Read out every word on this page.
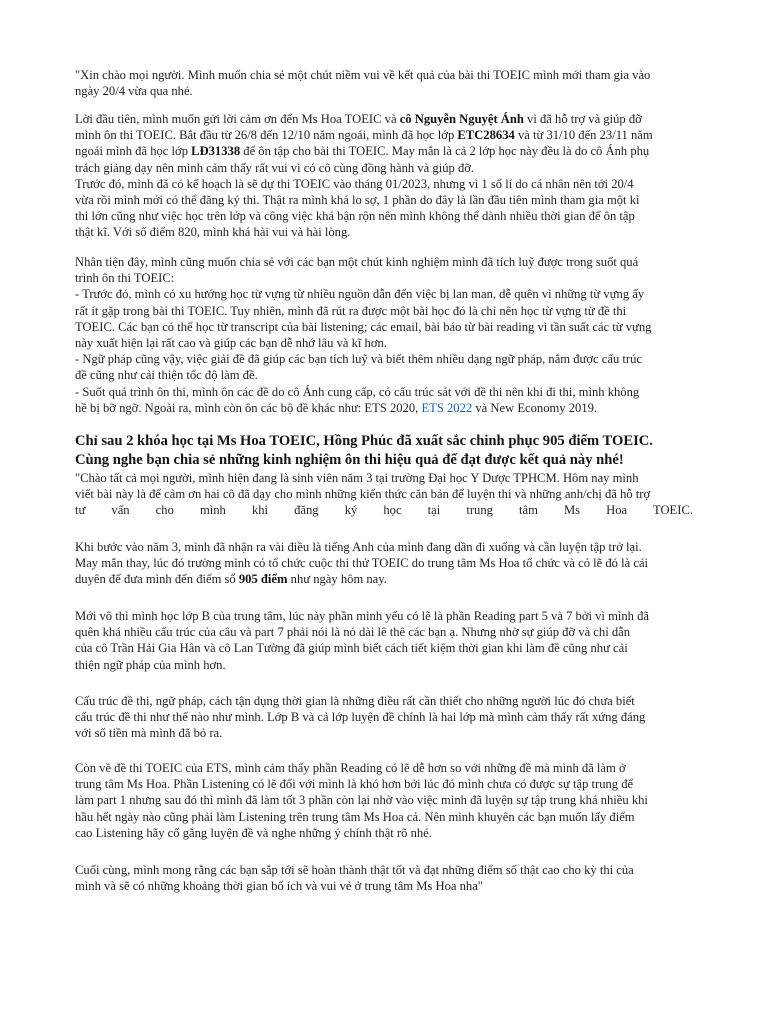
"Xin chào mọi người. Mình muốn chia sẻ một chút niềm vui về kết quả của bài thi TOEIC mình mới tham gia vào

ngày 20/4 vừa qua nhé.

Lời đầu tiên, mình muốn gửi lời cảm ơn đến Ms Hoa TOEIC và cô Nguyễn Nguyệt Ánh vì đã hỗ trợ và giúp đỡ

mình ôn thi TOEIC. Bắt đầu từ 26/8 đến 12/10 năm ngoái, mình đã học lớp ETC28634 và từ 31/10 đến 23/11 năm

ngoái mình đã học lớp LĐ31338 để ôn tập cho bài thi TOEIC. May mắn là cả 2 lớp học này đều là do cô Ánh phụ

trách giảng dạy nên mình cảm thấy rất vui vì có cô cùng đồng hành và giúp đỡ.

Trước đó, mình đã có kế hoạch là sẽ dự thi TOEIC vào tháng 01/2023, nhưng vì 1 số lí do cá nhân nên tới 20/4

vừa rồi mình mới có thể đăng ký thi. Thật ra mình khá lo sợ, 1 phần do đây là lần đầu tiên mình tham gia một kì

thi lớn cũng như việc học trên lớp và công việc khá bận rộn nên mình không thể dành nhiều thời gian để ôn tập

thật kĩ. Với số điểm 820, mình khá hài vui và hài lòng.

Nhân tiện đây, mình cũng muốn chia sẻ với các bạn một chút kinh nghiệm mình đã tích luỹ được trong suốt quá

trình ôn thi TOEIC:

- Trước đó, mình có xu hướng học từ vựng từ nhiều nguồn dẫn đến việc bị lan man, dễ quên vì những từ vựng ấy

rất ít gặp trong bài thi TOEIC. Tuy nhiên, mình đã rút ra được một bài học đó là chỉ nên học từ vựng từ đề thi

TOEIC. Các bạn có thể học từ transcript của bài listening; các email, bài báo từ bài reading vì tần suất các từ vựng

này xuất hiện lại rất cao và giúp các bạn dễ nhớ lâu và kĩ hơn.

- Ngữ pháp cũng vậy, việc giải đề đã giúp các bạn tích luỹ và biết thêm nhiều dạng ngữ pháp, nắm được cấu trúc

đề cũng như cải thiện tốc độ làm đề.

- Suốt quá trình ôn thi, mình ôn các đề do cô Ánh cung cấp, có cấu trúc sát với đề thi nên khi đi thi, mình không

hề bị bỡ ngỡ. Ngoài ra, mình còn ôn các bộ đề khác như: ETS 2020, ETS 2022 và New Economy 2019.

Chỉ sau 2 khóa học tại Ms Hoa TOEIC, Hồng Phúc đã xuất sắc chinh phục 905 điểm TOEIC.

Cùng nghe bạn chia sẻ những kinh nghiệm ôn thi hiệu quả để đạt được kết quả này nhé!

"Chào tất cả mọi người, mình hiện đang là sinh viên năm 3 tại trường Đại học Y Dược TPHCM. Hôm nay mình

viết bài này là để cảm ơn hai cô đã dạy cho mình những kiến thức căn bản để luyện thi và những anh/chị đã hỗ trợ

tư vấn cho mình khi đăng ký học tại trung tâm Ms Hoa TOEIC.

Khi bước vào năm 3, mình đã nhận ra vài điều là tiếng Anh của mình đang dần đi xuống và cần luyện tập trở lại.

May mắn thay, lúc đó trường mình có tổ chức cuộc thi thử TOEIC do trung tâm Ms Hoa tổ chức và có lẽ đó là cái

duyên để đưa mình đến điểm số 905 điểm như ngày hôm nay.

Mới vô thì mình học lớp B của trung tâm, lúc này phần mình yếu có lẽ là phần Reading part 5 và 7 bởi vì mình đã

quên khá nhiều cấu trúc của câu và part 7 phải nói là nó dài lê thê các bạn ạ. Nhưng nhờ sự giúp đỡ và chỉ dẫn

của cô Trần Hải Gia Hân và cô Lan Tường đã giúp mình biết cách tiết kiệm thời gian khi làm đề cũng như cải

thiện ngữ pháp của mình hơn.

Cấu trúc đề thi, ngữ pháp, cách tận dụng thời gian là những điều rất cần thiết cho những người lúc đó chưa biết

cấu trúc đề thi như thế nào như mình. Lớp B và cả lớp luyện đề chính là hai lớp mà mình cảm thấy rất xứng đáng

với số tiền mà mình đã bỏ ra.

Còn về đề thi TOEIC của ETS, mình cảm thấy phần Reading có lẽ dễ hơn so với những đề mà mình đã làm ở

trung tâm Ms Hoa. Phần Listening có lẽ đối với mình là khó hơn bởi lúc đó mình chưa có được sự tập trung để

làm part 1 nhưng sau đó thì mình đã làm tốt 3 phần còn lại nhờ vào việc mình đã luyện sự tập trung khá nhiều khi

hầu hết ngày nào cũng phải làm Listening trên trung tâm Ms Hoa cả. Nên mình khuyên các bạn muốn lấy điểm

cao Listening hãy cố gắng luyện đề và nghe những ý chính thật rõ nhé.

Cuối cùng, mình mong rằng các bạn sắp tới sẽ hoàn thành thật tốt và đạt những điểm số thật cao cho kỳ thi của

mình và sẽ có những khoảng thời gian bổ ích và vui vẻ ở trung tâm Ms Hoa nha"
